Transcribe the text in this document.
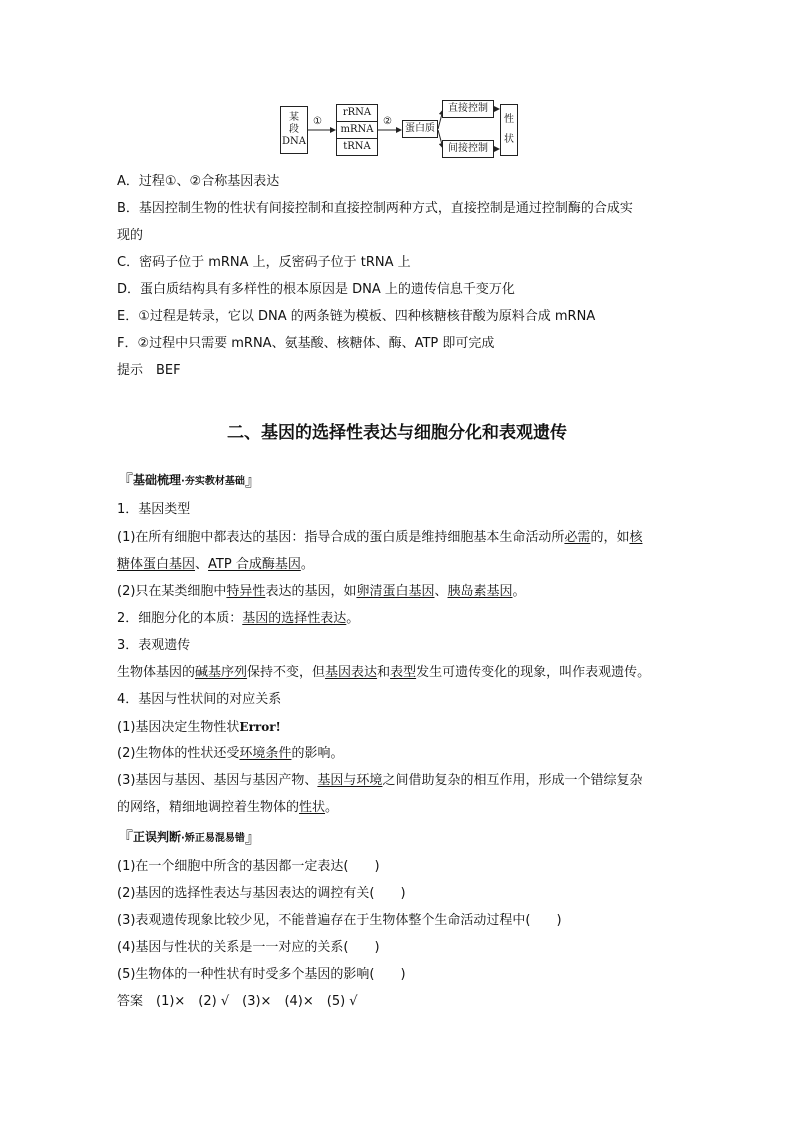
某
段
DNA
①
rRNA
mRNA
tRNA
②
蛋白质
直接控制
间接控制
性
状
A．过程①、②合称基因表达
B．基因控制生物的性状有间接控制和直接控制两种方式，直接控制是通过控制酶的合成实
现的
C．密码子位于 mRNA 上，反密码子位于 tRNA 上
D．蛋白质结构具有多样性的根本原因是 DNA 上的遗传信息千变万化
E．①过程是转录，它以 DNA 的两条链为模板、四种核糖核苷酸为原料合成 mRNA
F．②过程中只需要 mRNA、氨基酸、核糖体、酶、ATP 即可完成
提示　BEF
二、基因的选择性表达与细胞分化和表观遗传
『基础梳理·夯实教材基础』
1．基因类型
(1)在所有细胞中都表达的基因：指导合成的蛋白质是维持细胞基本生命活动所必需的，如核
糖体蛋白基因、ATP 合成酶基因。
(2)只在某类细胞中特异性表达的基因，如卵清蛋白基因、胰岛素基因。
2．细胞分化的本质：基因的选择性表达。
3．表观遗传
生物体基因的碱基序列保持不变，但基因表达和表型发生可遗传变化的现象，叫作表观遗传。
4．基因与性状间的对应关系
(1)基因决定生物性状Error!
(2)生物体的性状还受环境条件的影响。
(3)基因与基因、基因与基因产物、基因与环境之间借助复杂的相互作用，形成一个错综复杂
的网络，精细地调控着生物体的性状。
『正误判断·矫正易混易错』
(1)在一个细胞中所含的基因都一定表达(　　)
(2)基因的选择性表达与基因表达的调控有关(　　)
(3)表观遗传现象比较少见，不能普遍存在于生物体整个生命活动过程中(　　)
(4)基因与性状的关系是一一对应的关系(　　)
(5)生物体的一种性状有时受多个基因的影响(　　)
答案　(1)×　(2) √　(3)×　(4)×　(5) √
